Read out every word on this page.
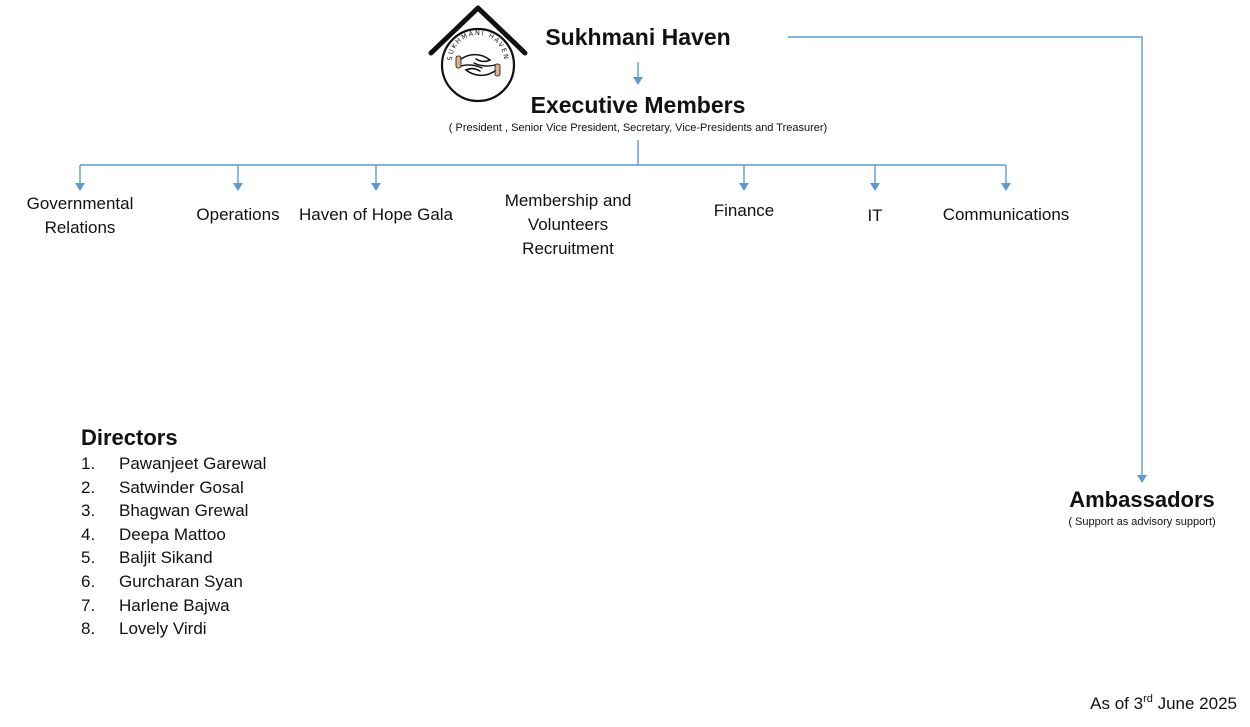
SUKHMANI HAVEN
Sukhmani Haven
Executive Members
( President , Senior Vice President, Secretary, Vice-Presidents and Treasurer)
Governmental
Relations
Operations	Haven of Hope Gala
Membership and
Volunteers
Recruitment
Finance	IT	Communications
Directors
1. Pawanjeet Garewal
2. Satwinder Gosal
3. Bhagwan Grewal
4. Deepa Mattoo
5. Baljit Sikand
6. Gurcharan Syan
7. Harlene Bajwa
8. Lovely Virdi
Ambassadors
( Support as advisory support)
As of 3rd June 2025
